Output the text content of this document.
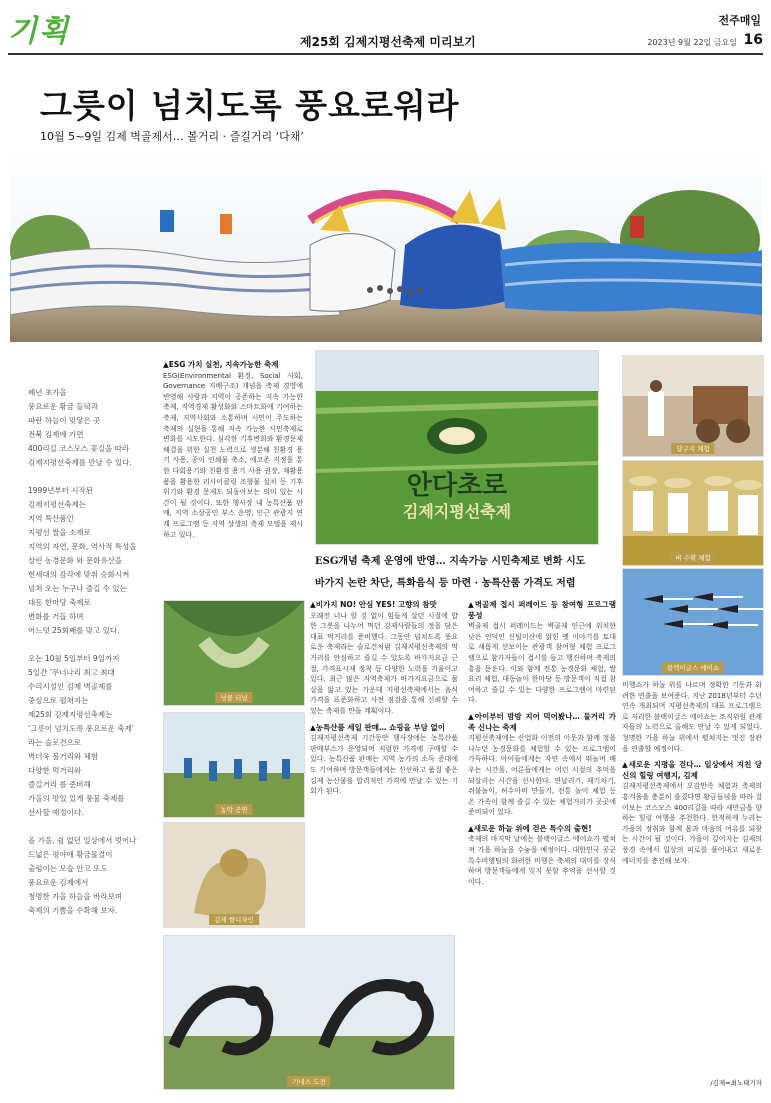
기획	제25회 김제지평선축제 미리보기
전주매일
2023년 9월 22일 금요일 16
그릇이 넘치도록 풍요로워라
10월 5~9일 김제 벽골제서… 볼거리 · 즐길거리 ‘다채’

폐년 초가을
풍요로운 황금 들녘과
파란 하늘이 맞닿은 곳
전북 김제에 가면
400리길 코스모스 꽃길을 따라
김제지평선축제를 만날 수 있다.

1999년부터 시작된
김제지평선축제는
지역 특산품인
지평선 쌀을 소재로
지역의 자연, 문화, 역사적 특성을
살린 농경문화 와 문화유산을
현세대의 감각에 맞춰 승화시켜
넘쳐 오는 누구나 즐길 수 있는
대동 한마당 축제로
변화를 거듭 하며
어느덧 25회째를 맞고 있다.

오는 10월 5일부터 9일까지
5일간 ‘무너나리 최고 최대
수리시설인 김제 벽골제를
중심으로 펼쳐지는
제25회 김제지평선축제는
‘그릇이 넘치도록 풍요로운 축제’
라는 슬로건으로
벽더욱 볼거리와 체험
다양한 먹거리와
즐길거리 를 준비해
가을의 맛있 있게 풍물 축제를
선사할 예정이다.

올 가을, 쉼 없던 일상에서 벗어나
드넓은 평야에 황금물결이
출렁이는 모습 안고 또도
풍요로운 김제에서
청명한 가을 하늘을 바라보며
축제의 기쁨을 수확해 보자.

▲ESG 가치 실천, 지속가능한 축제

ESG(Environmental 환경, Social 사회, Governance 지배구조) 개념을 축제 경영에 반영해 사람과 지역이 공존하는 지속 가능한 축제, 지역경제 활성화와 스마트화에 기여하는 축제, 지역사회와 소통하며 시민이 주도하는 축제의 실현을 통해 지속 가능한 시민축제로 변화를 시도한다. 심각한 기후변화와 환경문제 해결을 위한 실천 노력으로 생분해 친환경 용기 사용, 종이 인쇄물 축소, 에코존 지정을 통한 다회용기와 친환경 용기 사용 권장, 재활용품을 활용한 리사이클링 조형물 설치 등 기후 위기와 환경 문제도 되돌아보는 의미 있는 시간이 될 것이다. 또한 행사장 내 농특산품 판매, 지역 소상공인 부스 운영, 인근 관광지 연계 프로그램 등 지역 상생의 축제 모델을 제시하고 있다.

안다초로
김제지평선축제
ESG개념 축제 운영에 반영… 지속가능 시민축제로 변화 시도
바가지 논란 차단, 특화음식 등 마련 · 농특산품 가격도 저렴
달구지 체험
벼 수확 체험
블랙이글스 에어쇼
넝쿨 터널
농악 공연
김제 쌀디자인
기네스 도전
▲비가지 NO! 안심 YES! 고향의 참맛

오래전 너나 할 것 없이 힘들게 살던 시절에 밥 한 그릇을 나누어 먹던 김제사람들의 정을 담은 대표 먹거리를 준비했다. 그동안 넘치도록 풍요로운 축제라는 슬로건처럼 김제지평선축제의 먹거리를 안심하고 즐길 수 있도록 바가지요금 근절, 가격표시제 정착 등 다양한 노력을 기울이고 있다. 최근 많은 지역축제가 바가지요금으로 몸살을 앓고 있는 가운데 지평선축제에서는 음식 가격을 표준화하고 사전 점검을 통해 신뢰할 수 있는 축제를 만들 계획이다.

▲농특산품 세일 판매… 쇼핑을 부담 없이

김제지평선축제 기간동안 행사장에는 농특산품 판매부스가 운영되며 저렴한 가격에 구매할 수 있다. 농특산품 판매는 지역 농가의 소득 증대에도 기여하며 방문객들에게는 신선하고 품질 좋은 김제 농산물을 합리적인 가격에 만날 수 있는 기회가 된다.

▲벽골제 접시 퍼레이드 등 참여형 프로그램 풍성

벽골제 접시 퍼레이드는 벽골제 인근에 위치한 낮은 언덕인 신털미산에 얽힌 옛 이야기를 토대로 새롭게 선보이는 관광객 참여형 체험 프로그램으로 참가자들이 접시를 들고 행진하며 축제의 흥을 돋운다. 이와 함께 전통 농경문화 체험, 쌀 요리 체험, 대동놀이 한마당 등 방문객이 직접 참여하고 즐길 수 있는 다양한 프로그램이 마련된다.

▲아이부터 밤밤 지어 먹어봤나… 둘거리 가족 신나는 축제

지평선축제에는 산업화 이전의 이웃과 함께 정을 나누던 농경문화를 체험할 수 있는 프로그램이 가득하다. 아이들에게는 자연 속에서 뛰놀며 배우는 시간을, 어른들에게는 어린 시절의 추억을 되살리는 시간을 선사한다. 연날리기, 제기차기, 쥐불놀이, 허수아비 만들기, 전통 놀이 체험 등 온 가족이 함께 즐길 수 있는 체험거리가 곳곳에 준비되어 있다.

▲새로운 하늘 위에 걷은 특수의 출현!

축제의 마지막 날에는 블랙이글스 에어쇼가 펼쳐져 가을 하늘을 수놓을 예정이다. 대한민국 공군 특수비행팀의 화려한 비행은 축제의 대미를 장식하며 방문객들에게 잊지 못할 추억을 선사할 것이다.

비행쇼가 하늘 위를 나르며 정확한 기동과 화려한 연출을 보여준다. 지난 2018년부터 수년 연속 개최되며 지평선축제의 대표 프로그램으로 자리한 블랙이글스 에어쇼는 조직위원 관계자들의 노력으로 올해도 만날 수 있게 되었다. 청명한 가을 하늘 위에서 펼쳐지는 멋진 장관을 연출할 예정이다.

▲새로운 지평을 걷다… 일상에서 지친 당신의 힐링 여행지, 김제

김제지평선축제에서 오감만족 체험과 축제의 흥겨움을 충분히 즐겼다면 황금들녘을 따라 걸어보는 코스모스 400리길을 따라 새만금을 향하는 힐링 여행을 추천한다. 한적하게 누리는 가을의 정취와 함께 몸과 마음의 여유를 되찾는 시간이 될 것이다. 가을이 깊어지는 김제의 풍경 속에서 일상의 피로를 풀어내고 새로운 에너지를 충전해 보자.

/김제=최노태기자
